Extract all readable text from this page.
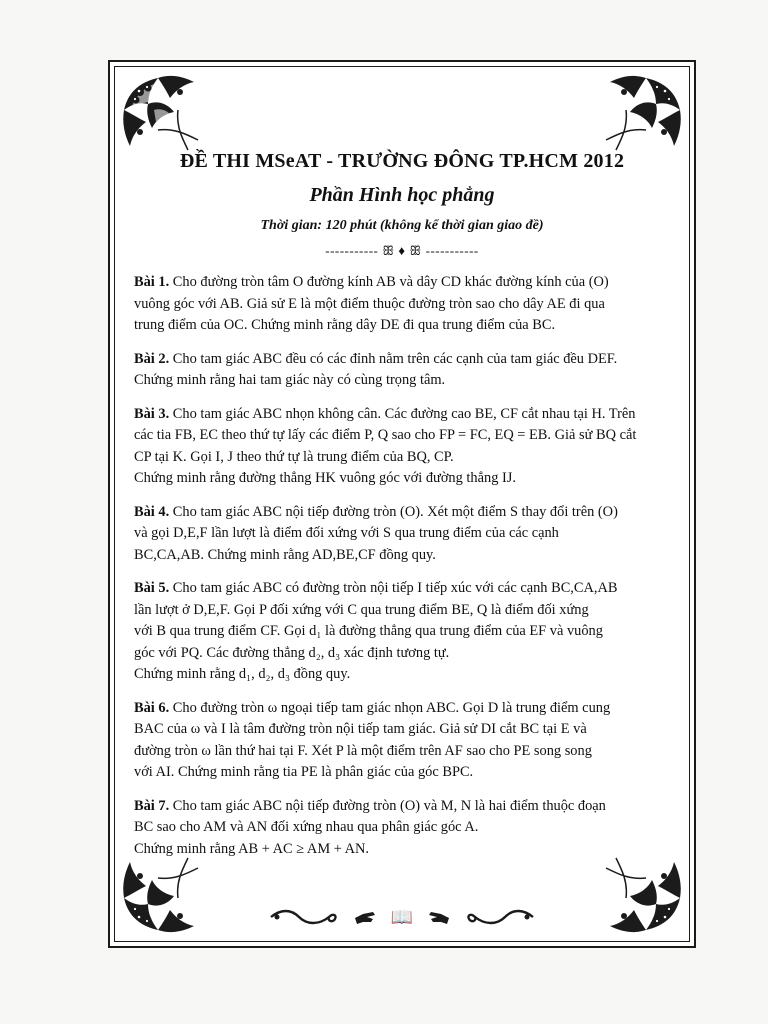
ĐỀ THI MSeAT - TRƯỜNG ĐÔNG TP.HCM 2012
Phần Hình học phẳng
Thời gian: 120 phút (không kể thời gian giao đề)
----------- ꕥ ♦ ꕥ -----------
Bài 1. Cho đường tròn tâm O đường kính AB và dây CD khác đường kính của (O)
vuông góc với AB. Giả sử E là một điểm thuộc đường tròn sao cho dây AE đi qua
trung điểm của OC. Chứng minh rằng dây DE đi qua trung điểm của BC.
Bài 2. Cho tam giác ABC đều có các đỉnh nằm trên các cạnh của tam giác đều DEF.
Chứng minh rằng hai tam giác này có cùng trọng tâm.
Bài 3. Cho tam giác ABC nhọn không cân. Các đường cao BE, CF cắt nhau tại H. Trên
các tia FB, EC theo thứ tự lấy các điểm P, Q sao cho FP = FC, EQ = EB. Giả sử BQ cắt
CP tại K. Gọi I, J theo thứ tự là trung điểm của BQ, CP.
Chứng minh rằng đường thẳng HK vuông góc với đường thẳng IJ.
Bài 4. Cho tam giác ABC nội tiếp đường tròn (O). Xét một điểm S thay đổi trên (O)
và gọi D,E,F lần lượt là điểm đối xứng với S qua trung điểm của các cạnh
BC,CA,AB. Chứng minh rằng AD,BE,CF đồng quy.
Bài 5. Cho tam giác ABC có đường tròn nội tiếp I tiếp xúc với các cạnh BC,CA,AB
lần lượt ở D,E,F. Gọi P đối xứng với C qua trung điểm BE, Q là điểm đối xứng
với B qua trung điểm CF. Gọi d₁ là đường thẳng qua trung điểm của EF và vuông
góc với PQ. Các đường thẳng d₂, d₃ xác định tương tự.
Chứng minh rằng d₁, d₂, d₃ đồng quy.
Bài 6. Cho đường tròn ω ngoại tiếp tam giác nhọn ABC. Gọi D là trung điểm cung
BAC của ω và I là tâm đường tròn nội tiếp tam giác. Giả sử DI cắt BC tại E và
đường tròn ω lần thứ hai tại F. Xét P là một điểm trên AF sao cho PE song song
với AI. Chứng minh rằng tia PE là phân giác của góc BPC.
Bài 7. Cho tam giác ABC nội tiếp đường tròn (O) và M, N là hai điểm thuộc đoạn
BC sao cho AM và AN đối xứng nhau qua phân giác góc A.
Chứng minh rằng AB + AC ≥ AM + AN.
📖
